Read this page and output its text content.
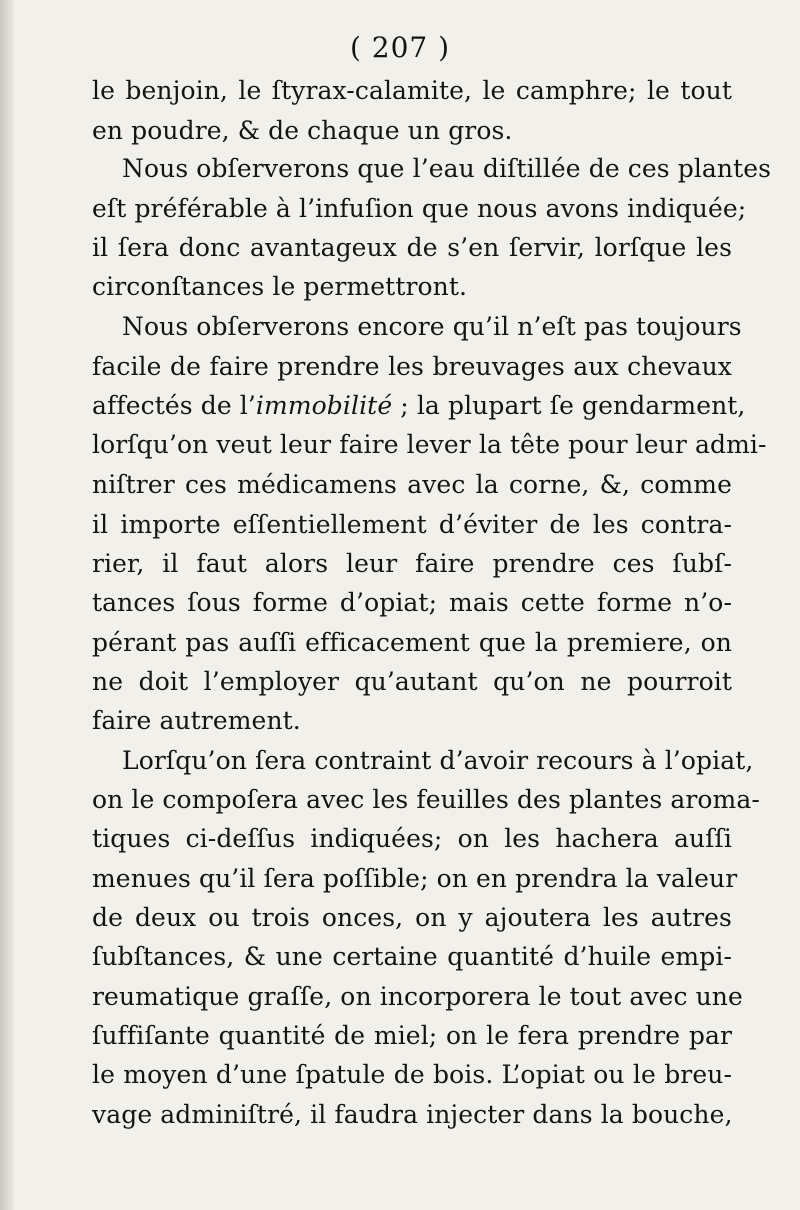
( 207 )
le benjoin, le ſtyrax-calamite, le camphre; le tout
en poudre, & de chaque un gros.
Nous obſerverons que l’eau diſtillée de ces plantes
eſt préférable à l’infuſion que nous avons indiquée;
il ſera donc avantageux de s’en ſervir, lorſque les
circonſtances le permettront.
Nous obſerverons encore qu’il n’eſt pas toujours
facile de faire prendre les breuvages aux chevaux
affectés de l’immobilité ; la plupart ſe gendarment,
lorſqu’on veut leur faire lever la tête pour leur admi-
niſtrer ces médicamens avec la corne, &, comme
il importe eſſentiellement d’éviter de les contra-
rier, il faut alors leur faire prendre ces ſubſ-
tances ſous forme d’opiat; mais cette forme n’o-
pérant pas auſſi efficacement que la premiere, on
ne doit l’employer qu’autant qu’on ne pourroit
faire autrement.
Lorſqu’on ſera contraint d’avoir recours à l’opiat,
on le compoſera avec les feuilles des plantes aroma-
tiques ci-deſſus indiquées; on les hachera auſſi
menues qu’il ſera poſſible; on en prendra la valeur
de deux ou trois onces, on y ajoutera les autres
ſubſtances, & une certaine quantité d’huile empi-
reumatique graſſe, on incorporera le tout avec une
ſuffiſante quantité de miel; on le fera prendre par
le moyen d’une ſpatule de bois. L’opiat ou le breu-
vage adminiſtré, il faudra injecter dans la bouche,
